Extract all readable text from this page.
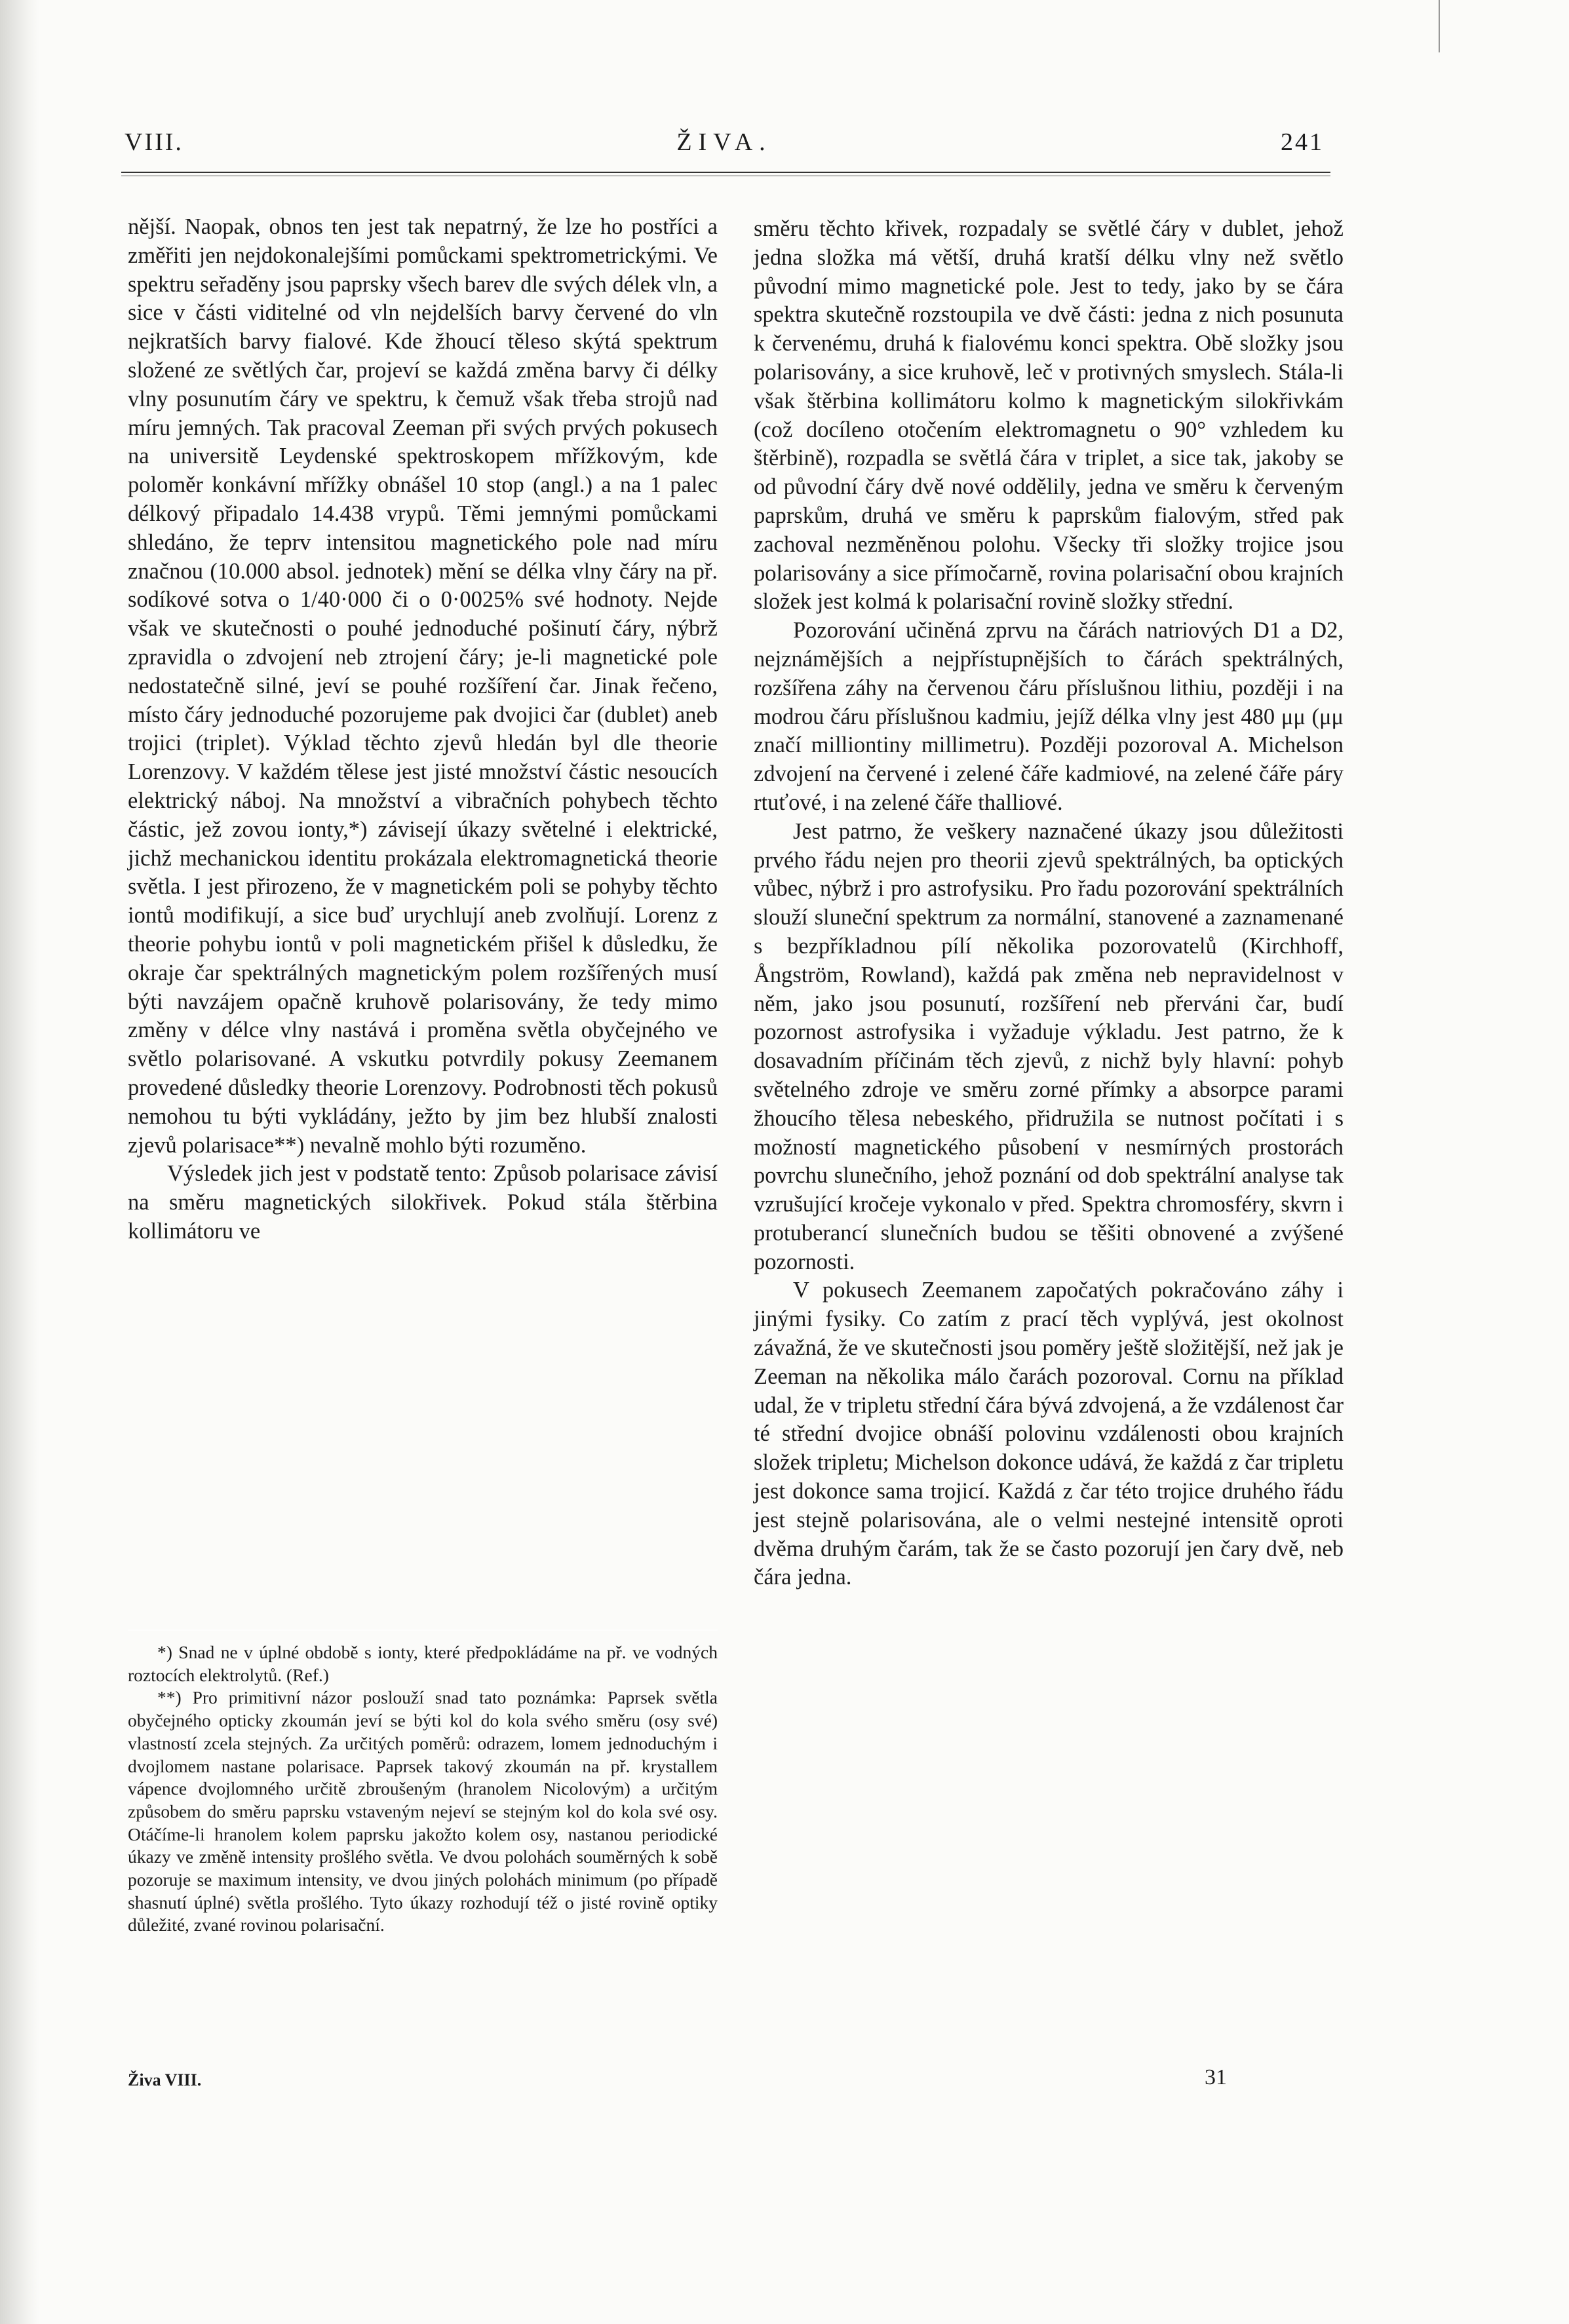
VIII.	ŽIVA.	241

nější. Naopak, obnos ten jest tak nepatrný, že lze ho postříci a změřiti jen nejdokonalejšími pomůckami spektrometrickými. Ve spektru seřaděny jsou paprsky všech barev dle svých délek vln, a sice v části viditelné od vln nejdelších barvy červené do vln nejkratších barvy fialové. Kde žhoucí těleso skýtá spektrum složené ze světlých čar, projeví se každá změna barvy či délky vlny posunutím čáry ve spektru, k čemuž však třeba strojů nad míru jemných. Tak pracoval Zeeman při svých prvých pokusech na universitě Leydenské spektroskopem mřížkovým, kde poloměr konkávní mřížky obnášel 10 stop (angl.) a na 1 palec délkový připadalo 14.438 vrypů. Těmi jemnými pomůckami shledáno, že teprv intensitou magnetického pole nad míru značnou (10.000 absol. jednotek) mění se délka vlny čáry na př. sodíkové sotva o 1/40·000 či o 0·0025% své hodnoty. Nejde však ve skutečnosti o pouhé jednoduché pošinutí čáry, nýbrž zpravidla o zdvojení neb ztrojení čáry; je-li magnetické pole nedostatečně silné, jeví se pouhé rozšíření čar. Jinak řečeno, místo čáry jednoduché pozorujeme pak dvojici čar (dublet) aneb trojici (triplet). Výklad těchto zjevů hledán byl dle theorie Lorenzovy. V každém tělese jest jisté množství částic nesoucích elektrický náboj. Na množství a vibračních pohybech těchto částic, jež zovou ionty,*) závisejí úkazy světelné i elektrické, jichž mechanickou identitu prokázala elektromagnetická theorie světla. I jest přirozeno, že v magnetickém poli se pohyby těchto iontů modifikují, a sice buď urychlují aneb zvolňují. Lorenz z theorie pohybu iontů v poli magnetickém přišel k důsledku, že okraje čar spektrálných magnetickým polem rozšířených musí býti navzájem opačně kruhově polarisovány, že tedy mimo změny v délce vlny nastává i proměna světla obyčejného ve světlo polarisované. A vskutku potvrdily pokusy Zeemanem provedené důsledky theorie Lorenzovy. Podrobnosti těch pokusů nemohou tu býti vykládány, ježto by jim bez hlubší znalosti zjevů polarisace**) nevalně mohlo býti rozuměno.

Výsledek jich jest v podstatě tento: Způsob polarisace závisí na směru magnetických silokřivek. Pokud stála štěrbina kollimátoru ve

*) Snad ne v úplné obdobě s ionty, které předpokládáme na př. ve vodných roztocích elektrolytů. (Ref.)

**) Pro primitivní názor poslouží snad tato poznámka: Paprsek světla obyčejného opticky zkoumán jeví se býti kol do kola svého směru (osy své) vlastností zcela stejných. Za určitých poměrů: odrazem, lomem jednoduchým i dvojlomem nastane polarisace. Paprsek takový zkoumán na př. krystallem vápence dvojlomného určitě zbroušeným (hranolem Nicolovým) a určitým způsobem do směru paprsku vstaveným nejeví se stejným kol do kola své osy. Otáčíme-li hranolem kolem paprsku jakožto kolem osy, nastanou periodické úkazy ve změně intensity prošlého světla. Ve dvou polohách souměrných k sobě pozoruje se maximum intensity, ve dvou jiných polohách minimum (po případě shasnutí úplné) světla prošlého. Tyto úkazy rozhodují též o jisté rovině optiky důležité, zvané rovinou polarisační.

Živa VIII.

směru těchto křivek, rozpadaly se světlé čáry v dublet, jehož jedna složka má větší, druhá kratší délku vlny než světlo původní mimo magnetické pole. Jest to tedy, jako by se čára spektra skutečně rozstoupila ve dvě části: jedna z nich posunuta k červenému, druhá k fialovému konci spektra. Obě složky jsou polarisovány, a sice kruhově, leč v protivných smyslech. Stála-li však štěrbina kollimátoru kolmo k magnetickým silokřivkám (což docíleno otočením elektromagnetu o 90° vzhledem ku štěrbině), rozpadla se světlá čára v triplet, a sice tak, jakoby se od původní čáry dvě nové oddělily, jedna ve směru k červeným paprskům, druhá ve směru k paprskům fialovým, střed pak zachoval nezměněnou polohu. Všecky tři složky trojice jsou polarisovány a sice přímočarně, rovina polarisační obou krajních složek jest kolmá k polarisační rovině složky střední.

Pozorování učiněná zprvu na čárách natriových D1 a D2, nejznámějších a nejpřístupnějších to čárách spektrálných, rozšířena záhy na červenou čáru příslušnou lithiu, později i na modrou čáru příslušnou kadmiu, jejíž délka vlny jest 480 μμ (μμ značí milliontiny millimetru). Později pozoroval A. Michelson zdvojení na červené i zelené čáře kadmiové, na zelené čáře páry rtuťové, i na zelené čáře thalliové.

Jest patrno, že veškery naznačené úkazy jsou důležitosti prvého řádu nejen pro theorii zjevů spektrálných, ba optických vůbec, nýbrž i pro astrofysiku. Pro řadu pozorování spektrálních slouží sluneční spektrum za normální, stanovené a zaznamenané s bezpříkladnou pílí několika pozorovatelů (Kirchhoff, Ångström, Rowland), každá pak změna neb nepravidelnost v něm, jako jsou posunutí, rozšíření neb přerváni čar, budí pozornost astrofysika i vyžaduje výkladu. Jest patrno, že k dosavadním příčinám těch zjevů, z nichž byly hlavní: pohyb světelného zdroje ve směru zorné přímky a absorpce parami žhoucího tělesa nebeského, přidružila se nutnost počítati i s možností magnetického působení v nesmírných prostorách povrchu slunečního, jehož poznání od dob spektrální analyse tak vzrušující kročeje vykonalo v před. Spektra chromosféry, skvrn i protuberancí slunečních budou se těšiti obnovené a zvýšené pozornosti.

V pokusech Zeemanem započatých pokračováno záhy i jinými fysiky. Co zatím z prací těch vyplývá, jest okolnost závažná, že ve skutečnosti jsou poměry ještě složitější, než jak je Zeeman na několika málo čarách pozoroval. Cornu na příklad udal, že v tripletu střední čára bývá zdvojená, a že vzdálenost čar té střední dvojice obnáší polovinu vzdálenosti obou krajních složek tripletu; Michelson dokonce udává, že každá z čar tripletu jest dokonce sama trojicí. Každá z čar této trojice druhého řádu jest stejně polarisována, ale o velmi nestejné intensitě oproti dvěma druhým čarám, tak že se často pozorují jen čary dvě, neb čára jedna.

31
